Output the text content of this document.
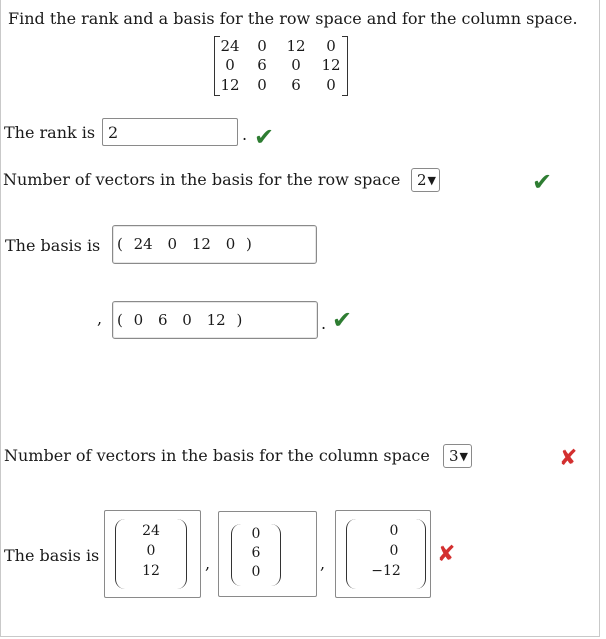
Find the rank and a basis for the row space and for the column space.
24	0	12	0
0	6	0	12
12	0	6	0
The rank is 2	. ✔
Number of vectors in the basis for the row space	2▼	✔
The basis is ( 24 0 12 0 )
, ( 0 6 0 12 )	. ✔
Number of vectors in the basis for the column space	3▼	✘
The basis is
24
0
12	,
0
6
0	,
0
0
−12
✘
